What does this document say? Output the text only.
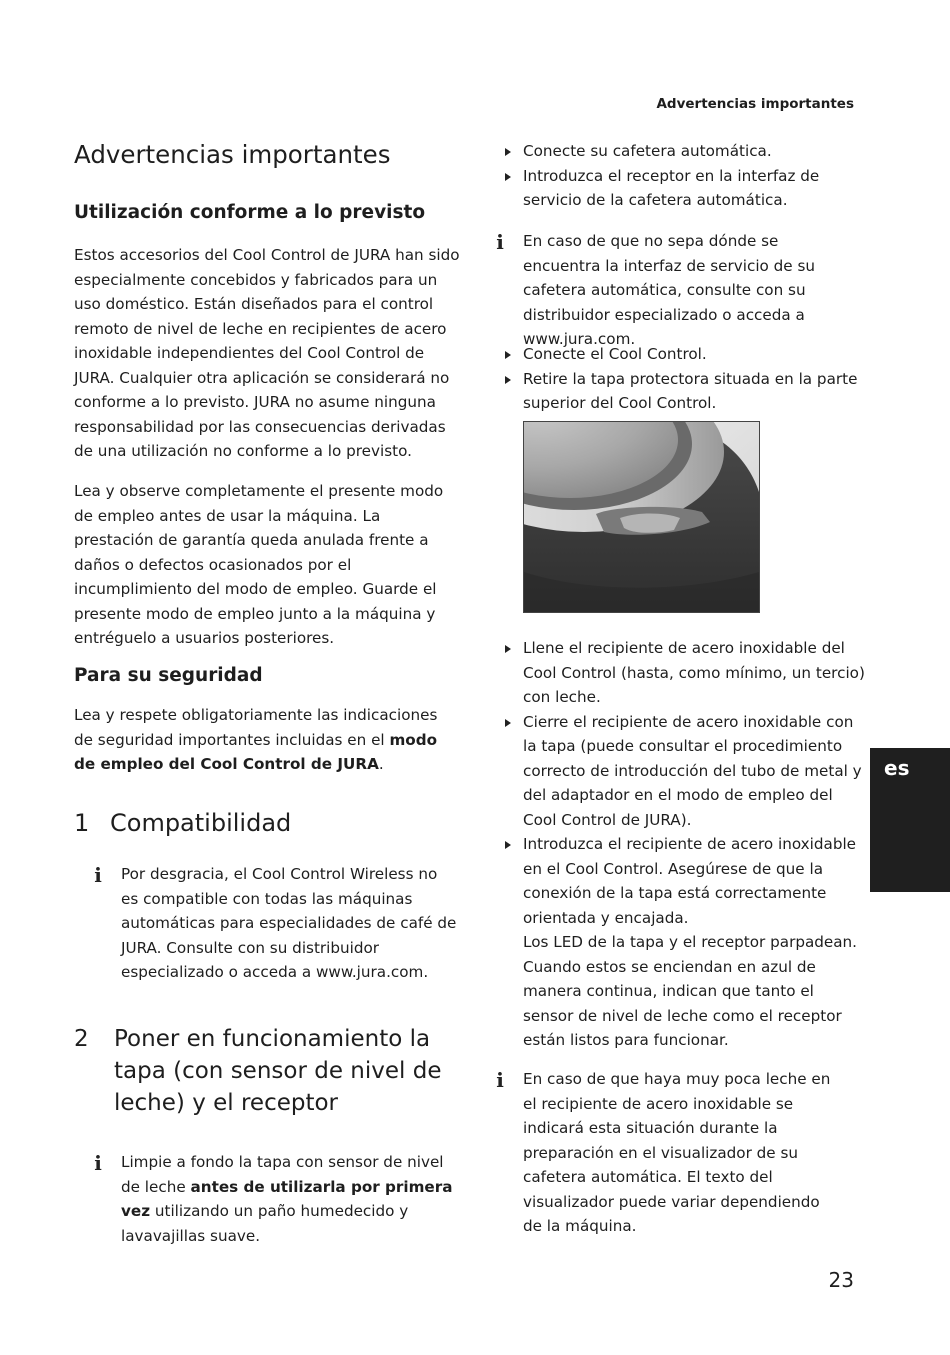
Advertencias importantes
Advertencias importantes
Utilización conforme a lo previsto
Estos accesorios del Cool Control de JURA han sido especialmente concebidos y fabricados para un uso doméstico. Están diseñados para el control remoto de nivel de leche en recipientes de acero inoxidable independientes del Cool Control de JURA. Cualquier otra aplicación se considerará no conforme a lo previsto. JURA no asume ninguna responsabilidad por las consecuencias derivadas de una utilización no conforme a lo previsto.
Lea y observe completamente el presente modo de empleo antes de usar la máquina. La prestación de garantía queda anulada frente a daños o defectos ocasionados por el incumplimiento del modo de empleo. Guarde el presente modo de empleo junto a la máquina y entréguelo a usuarios posteriores.
Para su seguridad
Lea y respete obligatoriamente las indicaciones de seguridad importantes incluidas en el modo de empleo del Cool Control de JURA.
1 Compatibilidad
i Por desgracia, el Cool Control Wireless no es compatible con todas las máquinas automáticas para especialidades de café de JURA. Consulte con su distribuidor especializado o acceda a www.jura.com.
2 Poner en funcionamiento la tapa (con sensor de nivel de leche) y el receptor
i Limpie a fondo la tapa con sensor de nivel de leche antes de utilizarla por primera vez utilizando un paño humedecido y lavavajillas suave.
Conecte su cafetera automática.
Introduzca el receptor en la interfaz de servicio de la cafetera automática.
i En caso de que no sepa dónde se encuentra la interfaz de servicio de su cafetera automática, consulte con su distribuidor especializado o acceda a www.jura.com.
Conecte el Cool Control.
Retire la tapa protectora situada en la parte superior del Cool Control.
Llene el recipiente de acero inoxidable del Cool Control (hasta, como mínimo, un tercio) con leche.
Cierre el recipiente de acero inoxidable con la tapa (puede consultar el procedimiento correcto de introducción del tubo de metal y del adaptador en el modo de empleo del Cool Control de JURA).
Introduzca el recipiente de acero inoxidable en el Cool Control. Asegúrese de que la conexión de la tapa está correctamente orientada y encajada.
Los LED de la tapa y el receptor parpadean. Cuando estos se enciendan en azul de manera continua, indican que tanto el sensor de nivel de leche como el receptor están listos para funcionar.
i En caso de que haya muy poca leche en el recipiente de acero inoxidable se indicará esta situación durante la preparación en el visualizador de su cafetera automática. El texto del visualizador puede variar dependiendo de la máquina.
es
23
